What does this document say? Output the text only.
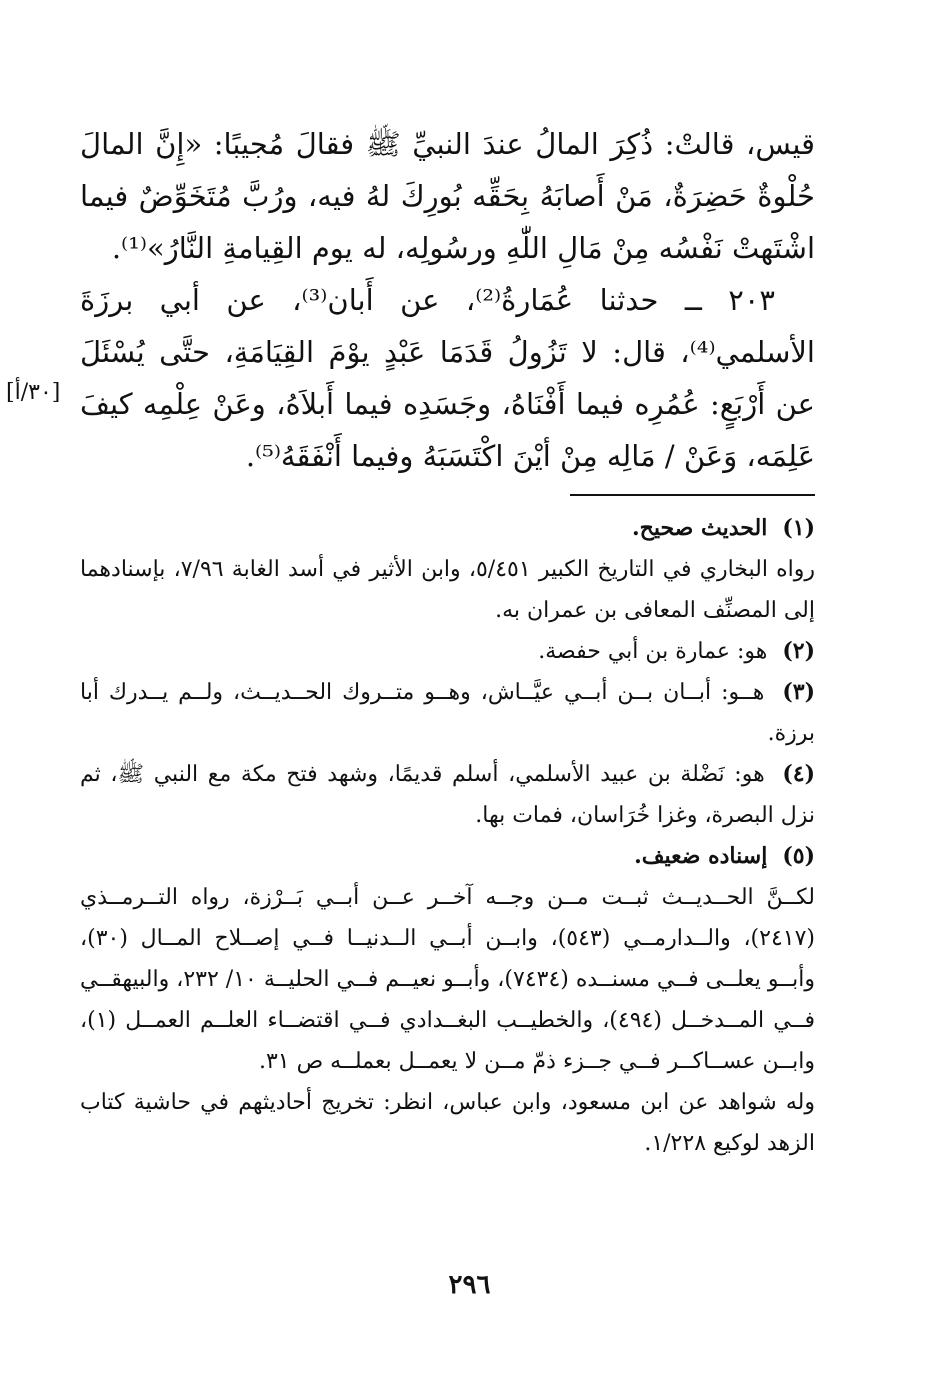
قيس، قالتْ: ذُكِرَ المالُ عندَ النبيِّ ﷺ فقالَ مُجيبًا: «إِنَّ المالَ حُلْوةٌ حَضِرَةٌ، مَنْ أَصابَهُ بِحَقِّه بُورِكَ لهُ فيه، ورُبَّ مُتَخَوِّضٌ فيما اشْتَهتْ نَفْسُه مِنْ مَالِ اللّٰهِ ورسُولِه، له يوم القِيامةِ النَّارُ»⁽¹⁾.

٢٠٣ ــ حدثنا عُمَارةُ⁽²⁾، عن أَبان⁽³⁾، عن أبي برزَةَ الأسلمي⁽⁴⁾، قال: لا تَزُولُ قَدَمَا عَبْدٍ يوْمَ القِيَامَةِ، حتَّى يُسْئَلَ عن أَرْبَعٍ: عُمُرِه فيما أَفْنَاهُ، وجَسَدِه فيما أَبلاَهُ، وعَنْ عِلْمِه كيفَ عَلِمَه، وَعَنْ / مَالِه مِنْ أيْنَ اكْتَسَبَهُ وفيما أَنْفَقَهُ⁽⁵⁾.

[٣٠/أ]

(١) الحديث صحيح.

رواه البخاري في التاريخ الكبير ٥/٤٥١، وابن الأثير في أسد الغابة ٧/٩٦، بإسنادهما إلى المصنِّف المعافى بن عمران به.

(٢) هو: عمارة بن أبي حفصة.

(٣) هــو: أبــان بــن أبــي عيَّــاش، وهــو متــروك الحــديــث، ولــم يــدرك أبا برزة.

(٤) هو: نَضْلة بن عبيد الأسلمي، أسلم قديمًا، وشهد فتح مكة مع النبي ﷺ، ثم نزل البصرة، وغزا خُرَاسان، فمات بها.

(٥) إسناده ضعيف.

لكــنَّ الحــديــث ثبــت مــن وجــه آخــر عــن أبــي بَــرْزة، رواه التــرمــذي (٢٤١٧)، والــدارمــي (٥٤٣)، وابــن أبــي الــدنيــا فــي إصــلاح المــال (٣٠)، وأبــو يعلــى فــي مسنــده (٧٤٣٤)، وأبــو نعيــم فــي الحليــة ١٠/ ٢٣٢، والبيهقــي فــي المــدخــل (٤٩٤)، والخطيــب البغــدادي فــي اقتضــاء العلــم العمــل (١)، وابــن عســاكــر فــي جــزء ذمّ مــن لا يعمــل بعملــه ص ٣١.

وله شواهد عن ابن مسعود، وابن عباس، انظر: تخريج أحاديثهم في حاشية كتاب الزهد لوكيع ١/٢٢٨.

٢٩٦
